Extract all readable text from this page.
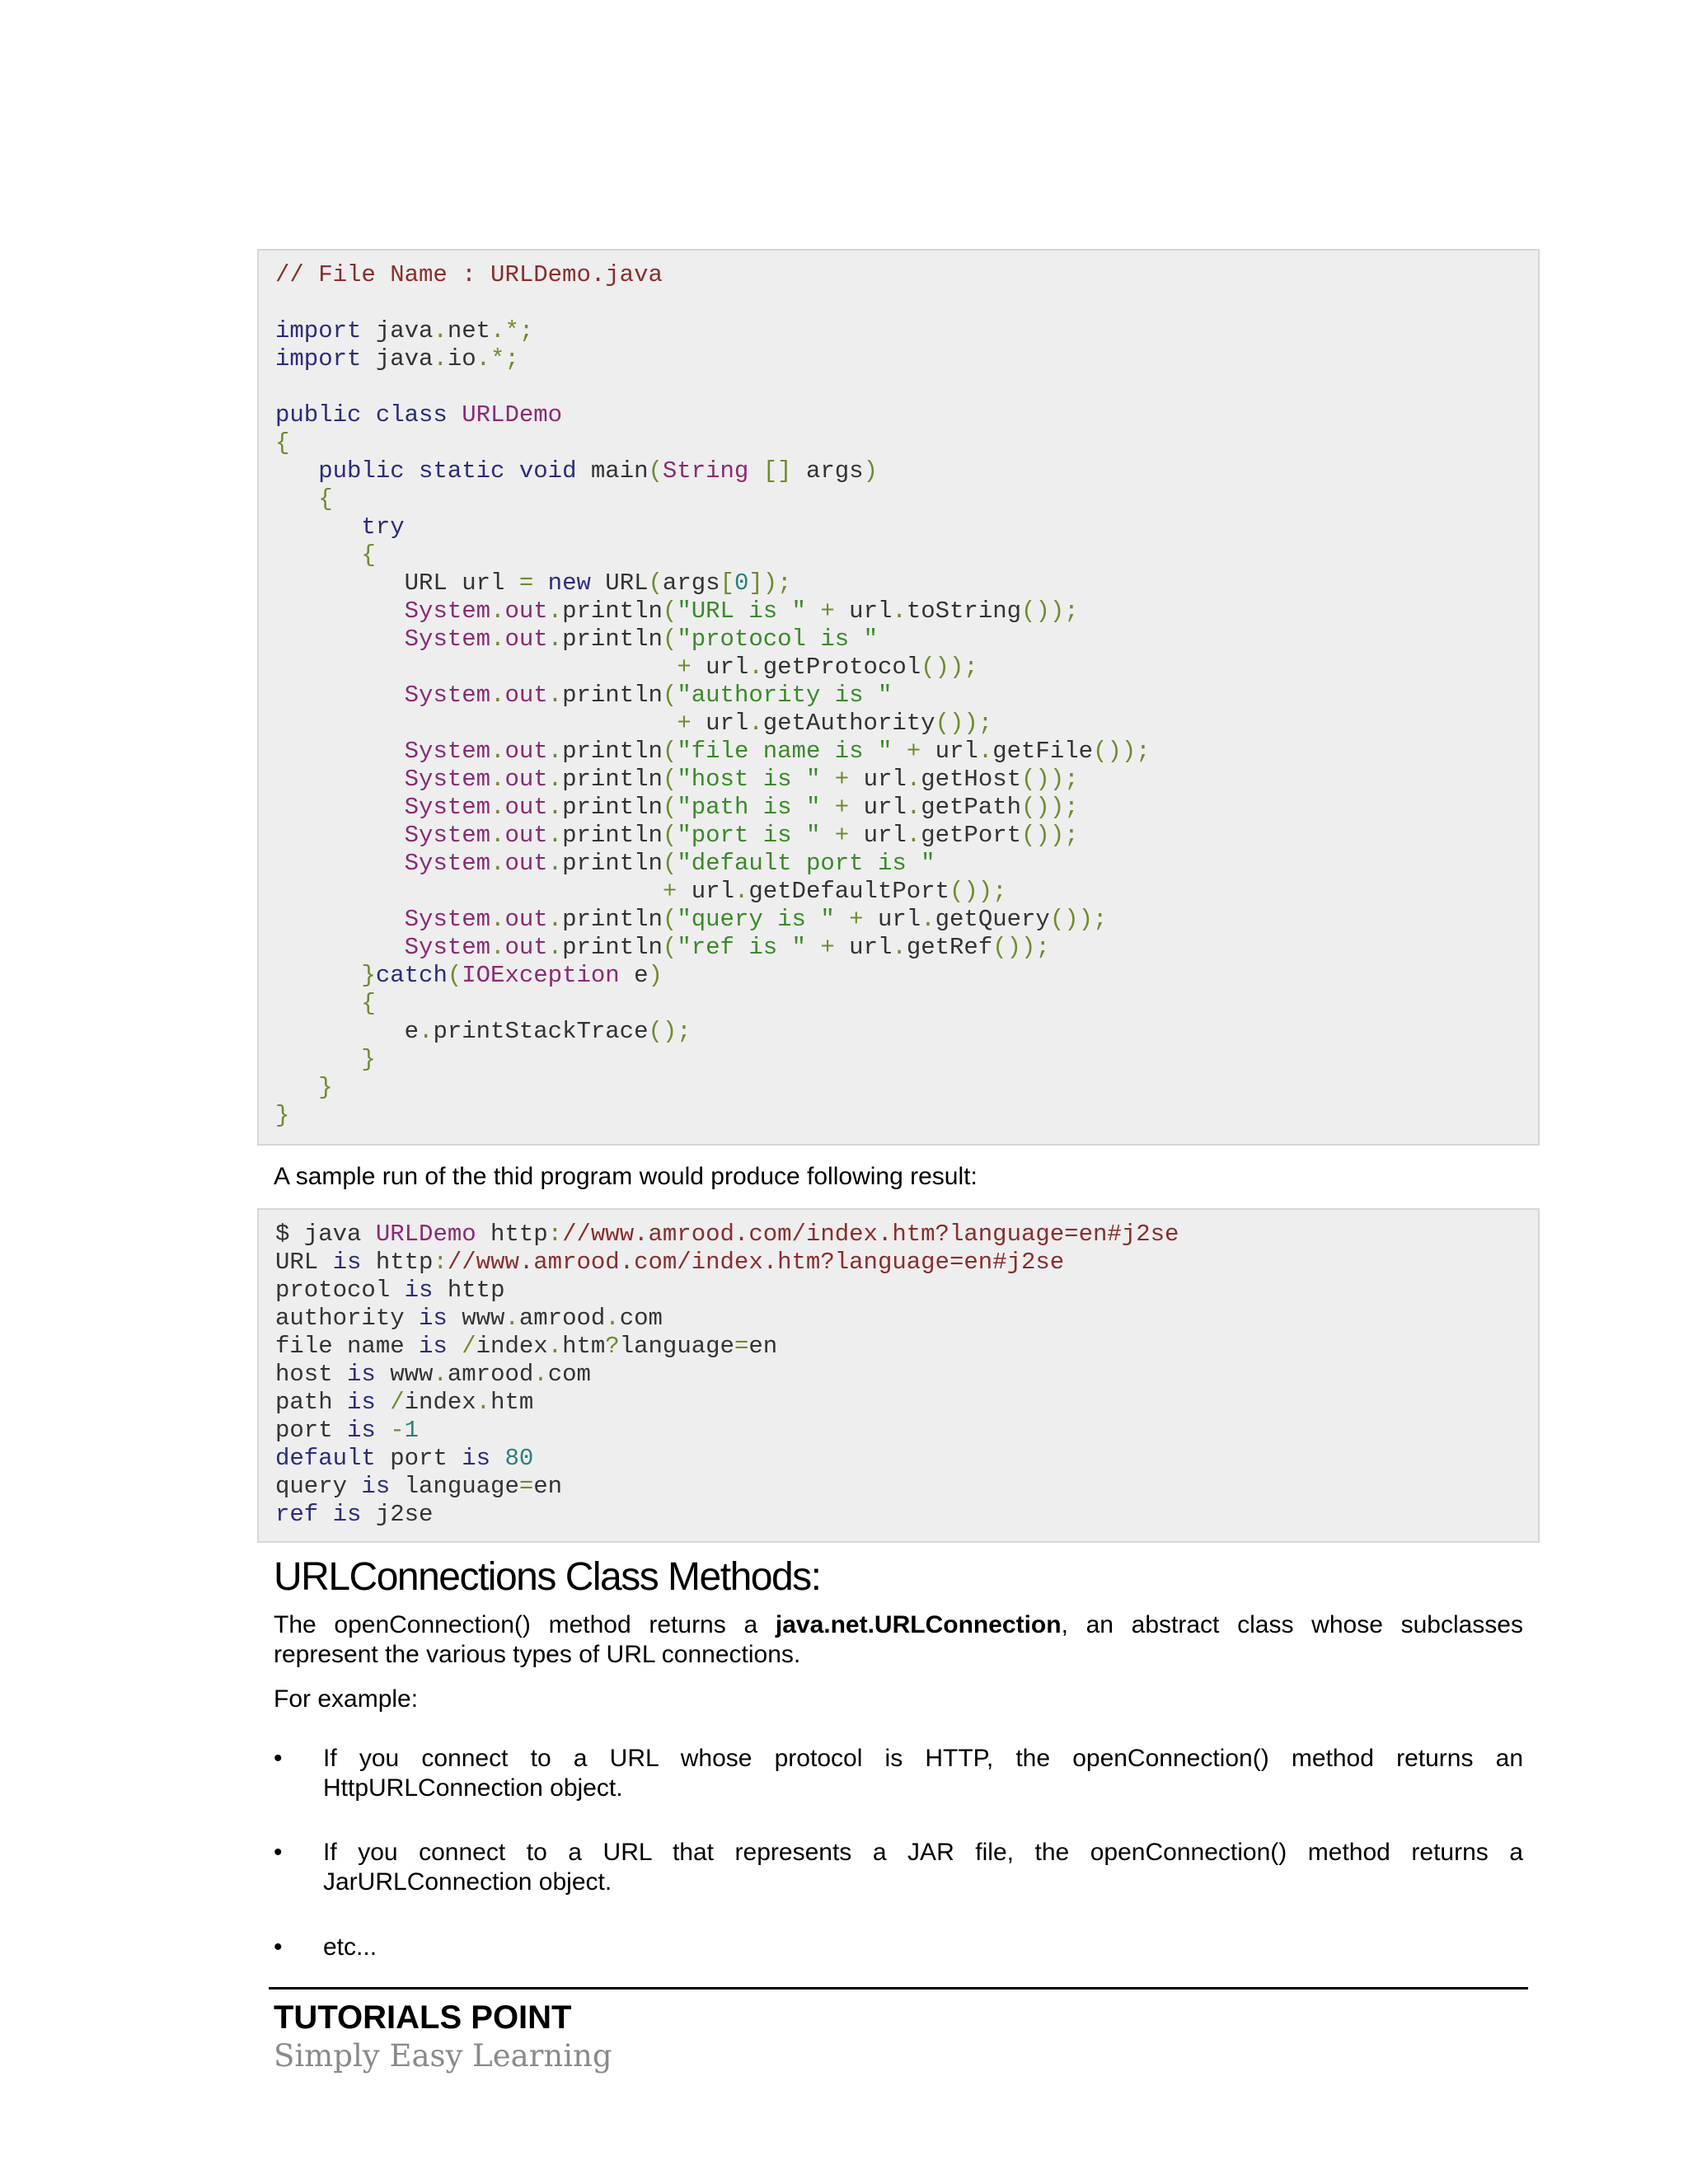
// File Name : URLDemo.java

import java.net.*;
import java.io.*;

public class URLDemo
{
public static void main(String [] args)
{
try
{
URL url = new URL(args[0]);
System.out.println("URL is " + url.toString());
System.out.println("protocol is "
+ url.getProtocol());
System.out.println("authority is "
+ url.getAuthority());
System.out.println("file name is " + url.getFile());
System.out.println("host is " + url.getHost());
System.out.println("path is " + url.getPath());
System.out.println("port is " + url.getPort());
System.out.println("default port is "
+ url.getDefaultPort());
System.out.println("query is " + url.getQuery());
System.out.println("ref is " + url.getRef());
}catch(IOException e)
{
e.printStackTrace();
}
}
}

A sample run of the thid program would produce following result:

$ java URLDemo http://www.amrood.com/index.htm?language=en#j2se
URL is http://www.amrood.com/index.htm?language=en#j2se
protocol is http
authority is www.amrood.com
file name is /index.htm?language=en
host is www.amrood.com
path is /index.htm
port is -1
default port is 80
query is language=en
ref is j2se
URLConnections Class Methods:

The openConnection() method returns a java.net.URLConnection, an abstract class whose subclasses represent the various types of URL connections.

For example:

• If you connect to a URL whose protocol is HTTP, the openConnection() method returns an HttpURLConnection object.
• If you connect to a URL that represents a JAR file, the openConnection() method returns a JarURLConnection object.
• etc...

TUTORIALS POINT

Simply Easy Learning
